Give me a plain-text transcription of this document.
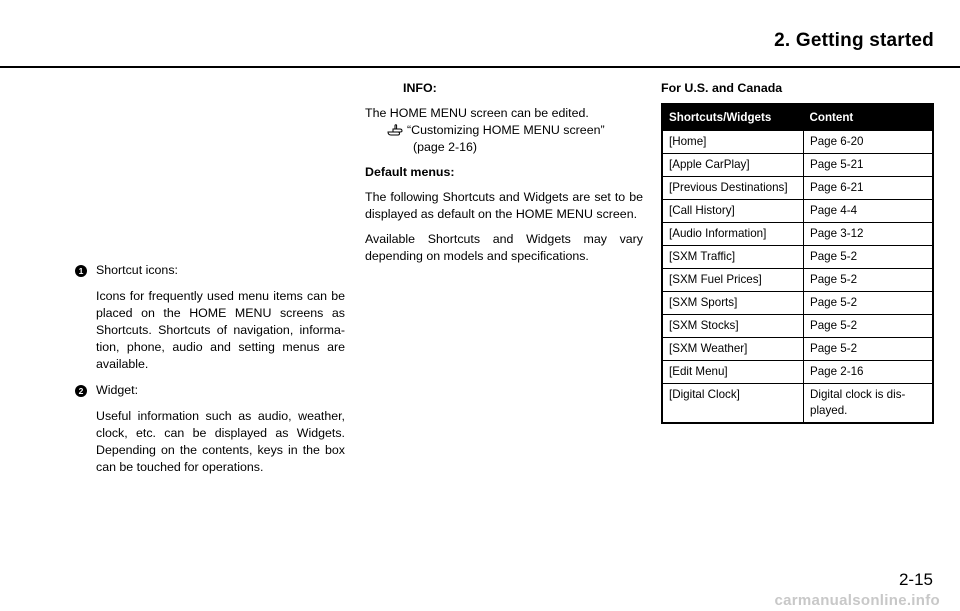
2. Getting started
1 Shortcut icons:
Icons for frequently used menu items can be placed on the HOME MENU screens as Shortcuts. Shortcuts of navigation, informa-tion, phone, audio and setting menus are available.
2 Widget:
Useful information such as audio, weather, clock, etc. can be displayed as Widgets. Depending on the contents, keys in the box can be touched for operations.
INFO:
The HOME MENU screen can be edited.
“Customizing HOME MENU screen”
(page 2-16)
Default menus:

The following Shortcuts and Widgets are set to be displayed as default on the HOME MENU screen.

Available Shortcuts and Widgets may vary depending on models and specifications.

For U.S. and Canada
Shortcuts/Widgets	Content
[Home]	Page 6-20
[Apple CarPlay]	Page 5-21
[Previous Destinations]	Page 6-21
[Call History]	Page 4-4
[Audio Information]	Page 3-12
[SXM Traffic]	Page 5-2
[SXM Fuel Prices]	Page 5-2
[SXM Sports]	Page 5-2
[SXM Stocks]	Page 5-2
[SXM Weather]	Page 5-2
[Edit Menu]	Page 2-16
[Digital Clock]	Digital clock is dis-played.
2-15
carmanualsonline.info
